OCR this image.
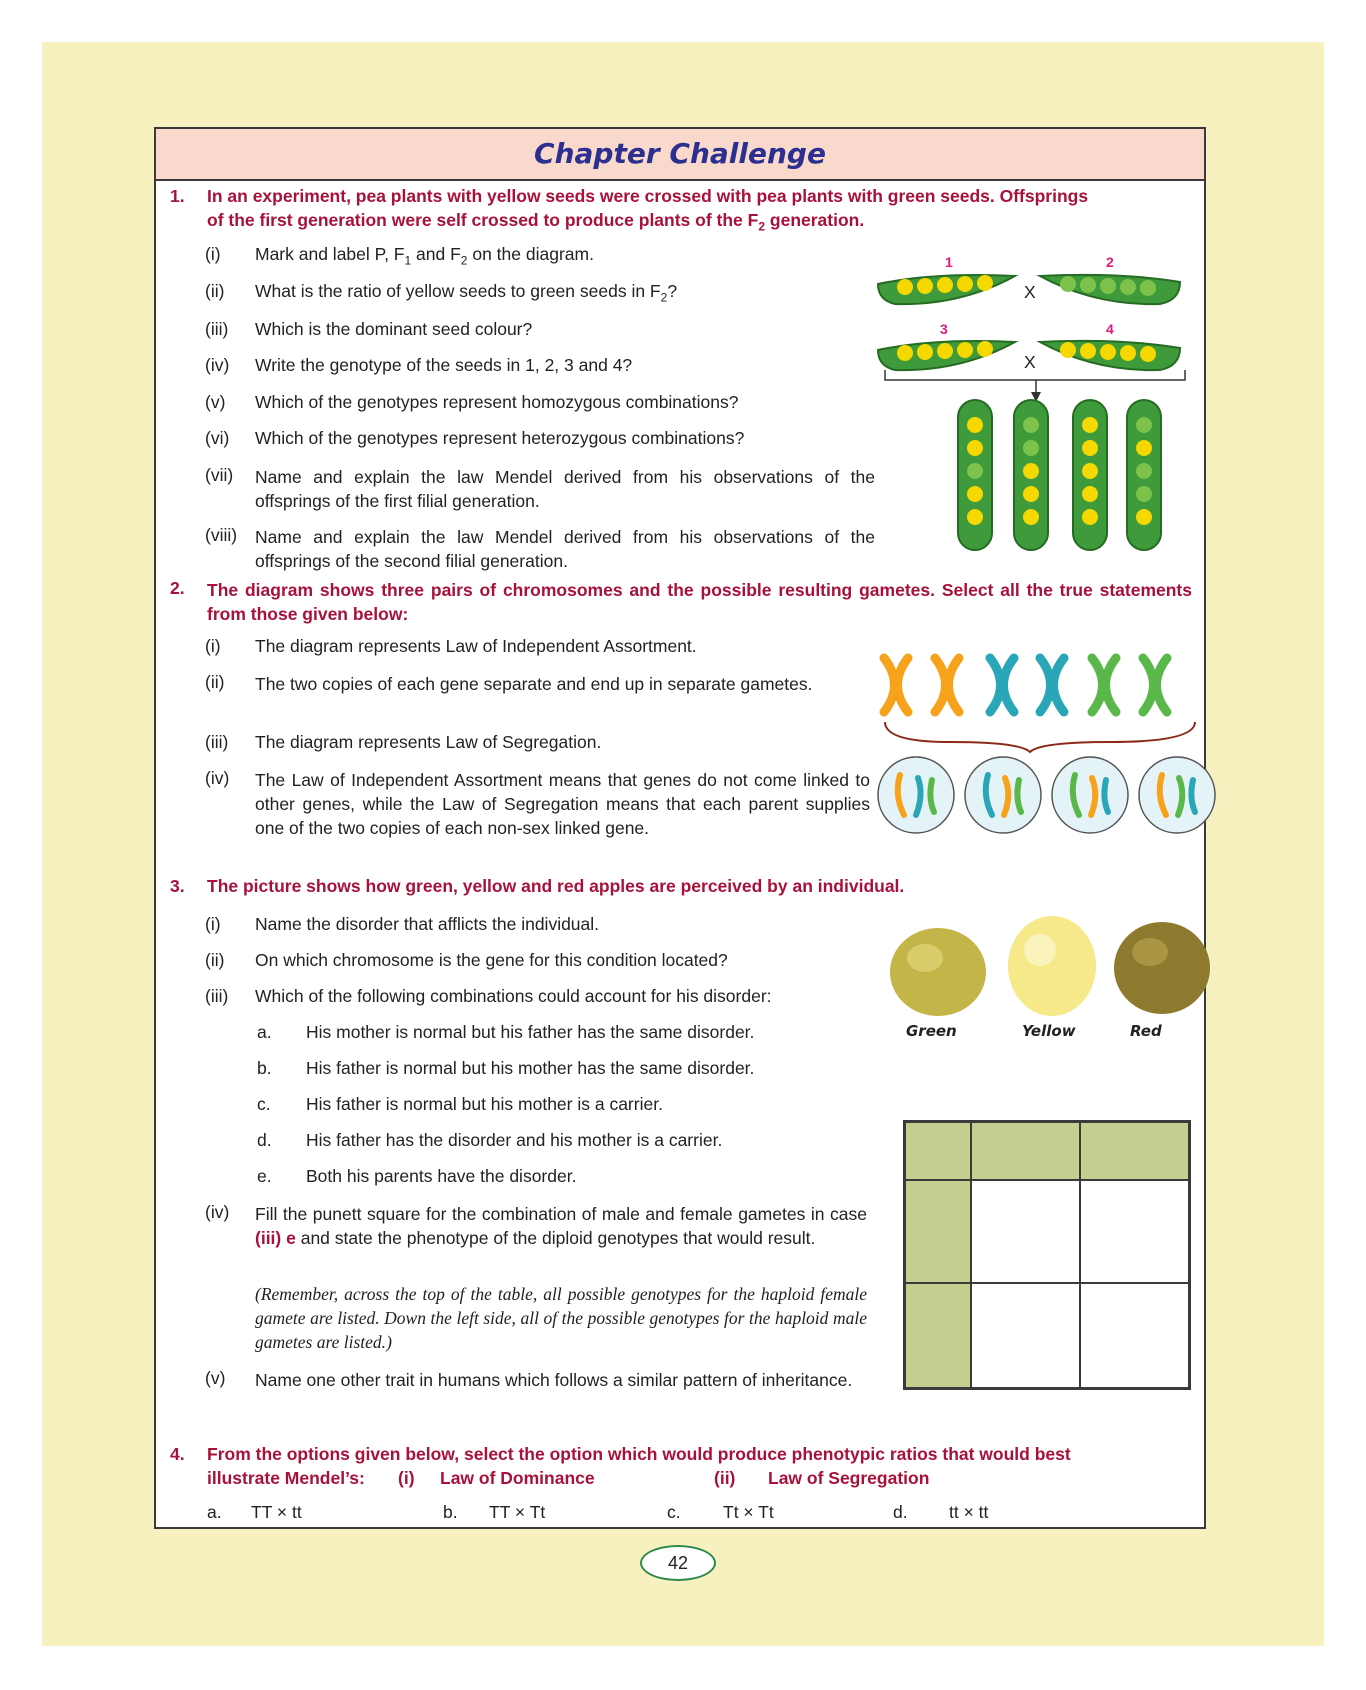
Chapter Challenge
1. In an experiment, pea plants with yellow seeds were crossed with pea plants with green seeds. Offsprings
of the first generation were self crossed to produce plants of the $F_2$ generation.
(i) Mark and label P, $F_1$ and $F_2$ on the diagram.
(ii) What is the ratio of yellow seeds to green seeds in $F_2$?
(iii) Which is the dominant seed colour?
(iv) Write the genotype of the seeds in 1, 2, 3 and 4?
(v) Which of the genotypes represent homozygous combinations?
(vi) Which of the genotypes represent heterozygous combinations?
(vii) Name and explain the law Mendel derived from his observations of the offsprings of the first filial generation.
(viii) Name and explain the law Mendel derived from his observations of the offsprings of the second filial generation.
1	2
3	4
X
X
2. The diagram shows three pairs of chromosomes and the possible resulting gametes. Select all the true statements from those given below:
(i) The diagram represents Law of Independent Assortment.
(ii) The two copies of each gene separate and end up in separate gametes.
(iii) The diagram represents Law of Segregation.
(iv) The Law of Independent Assortment means that genes do not come linked to other genes, while the Law of Segregation means that each parent supplies one of the two copies of each non-sex linked gene.
3. The picture shows how green, yellow and red apples are perceived by an individual.
(i) Name the disorder that afflicts the individual.
(ii) On which chromosome is the gene for this condition located?
(iii) Which of the following combinations could account for his disorder:
a. His mother is normal but his father has the same disorder.
b. His father is normal but his mother has the same disorder.
c. His father is normal but his mother is a carrier.
d. His father has the disorder and his mother is a carrier.
e. Both his parents have the disorder.
(iv) Fill the punett square for the combination of male and female gametes in case (iii) e and state the phenotype of the diploid genotypes that would result.
(Remember, across the top of the table, all possible genotypes for the haploid female gamete are listed. Down the left side, all of the possible genotypes for the haploid male gametes are listed.)
(v) Name one other trait in humans which follows a similar pattern of inheritance.
Green	Yellow	Red
4. From the options given below, select the option which would produce phenotypic ratios that would best
illustrate Mendel’s: (i) Law of Dominance	(ii) Law of Segregation
a. TT × tt	b. TT × Tt	c. Tt × Tt	d. tt × tt
42
